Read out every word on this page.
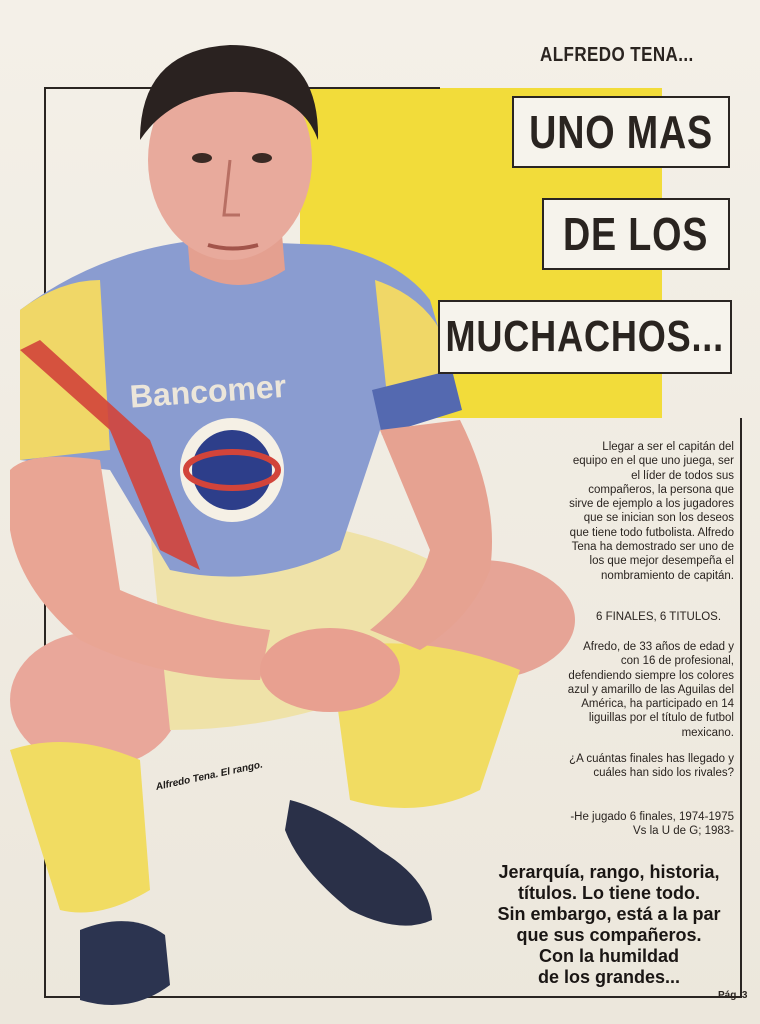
Bancomer
ALFREDO TENA...
UNO MAS
DE LOS
MUCHACHOS...
Llegar a ser el capitán del equipo en el que uno juega, ser el líder de todos sus compañeros, la persona que sirve de ejemplo a los jugadores que se inician son los deseos que tiene todo futbolista. Alfredo Tena ha demostrado ser uno de los que mejor desempeña el nombramiento de capitán.
6 FINALES, 6 TITULOS.
Afredo, de 33 años de edad y con 16 de profesional, defendiendo siempre los colores azul y amarillo de las Aguilas del América, ha participado en 14 liguillas por el título de futbol mexicano.
¿A cuántas finales has llegado y cuáles han sido los rivales?
-He jugado 6 finales, 1974-1975 Vs la U de G; 1983-
Alfredo Tena. El rango.
Jerarquía, rango, historia,
títulos. Lo tiene todo.
Sin embargo, está a la par
que sus compañeros.
Con la humildad
de los grandes...
Pág. 3
